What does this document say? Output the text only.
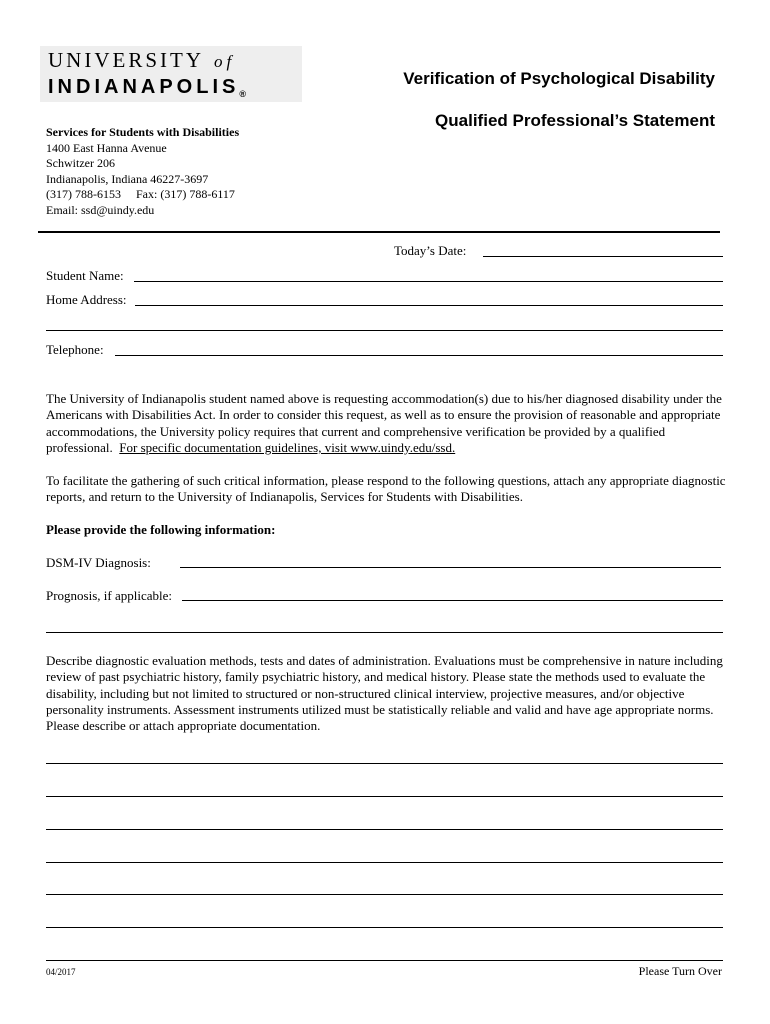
UNIVERSITY of
INDIANAPOLIS®
Verification of Psychological Disability
Qualified Professional’s Statement
Services for Students with Disabilities
1400 East Hanna Avenue
Schwitzer 206
Indianapolis, Indiana 46227-3697
(317) 788-6153 Fax: (317) 788-6117
Email: ssd@uindy.edu
Today’s Date:
Student Name:
Home Address:
Telephone:
The University of Indianapolis student named above is requesting accommodation(s) due to his/her diagnosed disability under the Americans with Disabilities Act. In order to consider this request, as well as to ensure the provision of reasonable and appropriate accommodations, the University policy requires that current and comprehensive verification be provided by a qualified professional. For specific documentation guidelines, visit www.uindy.edu/ssd.
To facilitate the gathering of such critical information, please respond to the following questions, attach any appropriate diagnostic reports, and return to the University of Indianapolis, Services for Students with Disabilities.
Please provide the following information:
DSM-IV Diagnosis:
Prognosis, if applicable:
Describe diagnostic evaluation methods, tests and dates of administration. Evaluations must be comprehensive in nature including review of past psychiatric history, family psychiatric history, and medical history. Please state the methods used to evaluate the disability, including but not limited to structured or non-structured clinical interview, projective measures, and/or objective personality instruments. Assessment instruments utilized must be statistically reliable and valid and have age appropriate norms. Please describe or attach appropriate documentation.
04/2017	Please Turn Over
